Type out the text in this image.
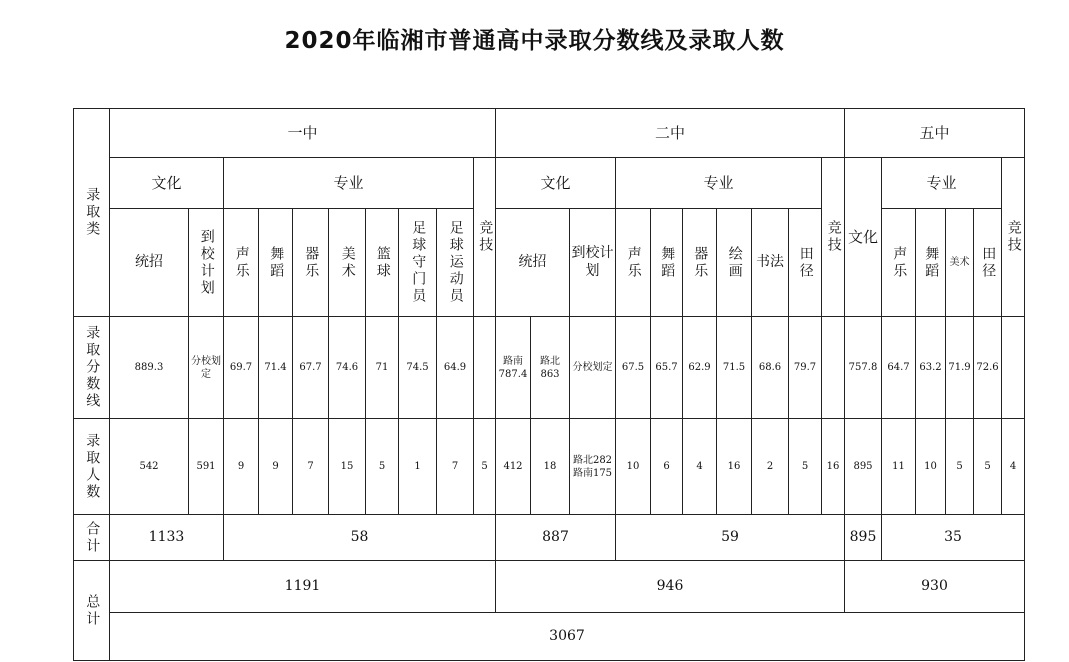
2020年临湘市普通高中录取分数线及录取人数
录取类	一中										二中										五中					
	文化		专业							竞技	文化			专业						竞技	文化	专业				竞技
	统招	到校计划	声乐	舞蹈	器乐	美术	篮球	足球守门员	足球运动员		统招		到校计划	声乐	舞蹈	器乐	绘画	书法	田径			声乐	舞蹈	美术	田径	
录取分数线	889.3	分校划定	69.7	71.4	67.7	74.6	71	74.5	64.9		路南787.4	路北863	分校划定	67.5	65.7	62.9	71.5	68.6	79.7		757.8	64.7	63.2	71.9	72.6	
录取人数	542	591	9	9	7	15	5	1	7	5	412	18	路北282路南175	10	6	4	16	2	5	16	895	11	10	5	5	4
合计	1133		58								887			59							895	35				
总计	1191										946										930					
	3067																									
